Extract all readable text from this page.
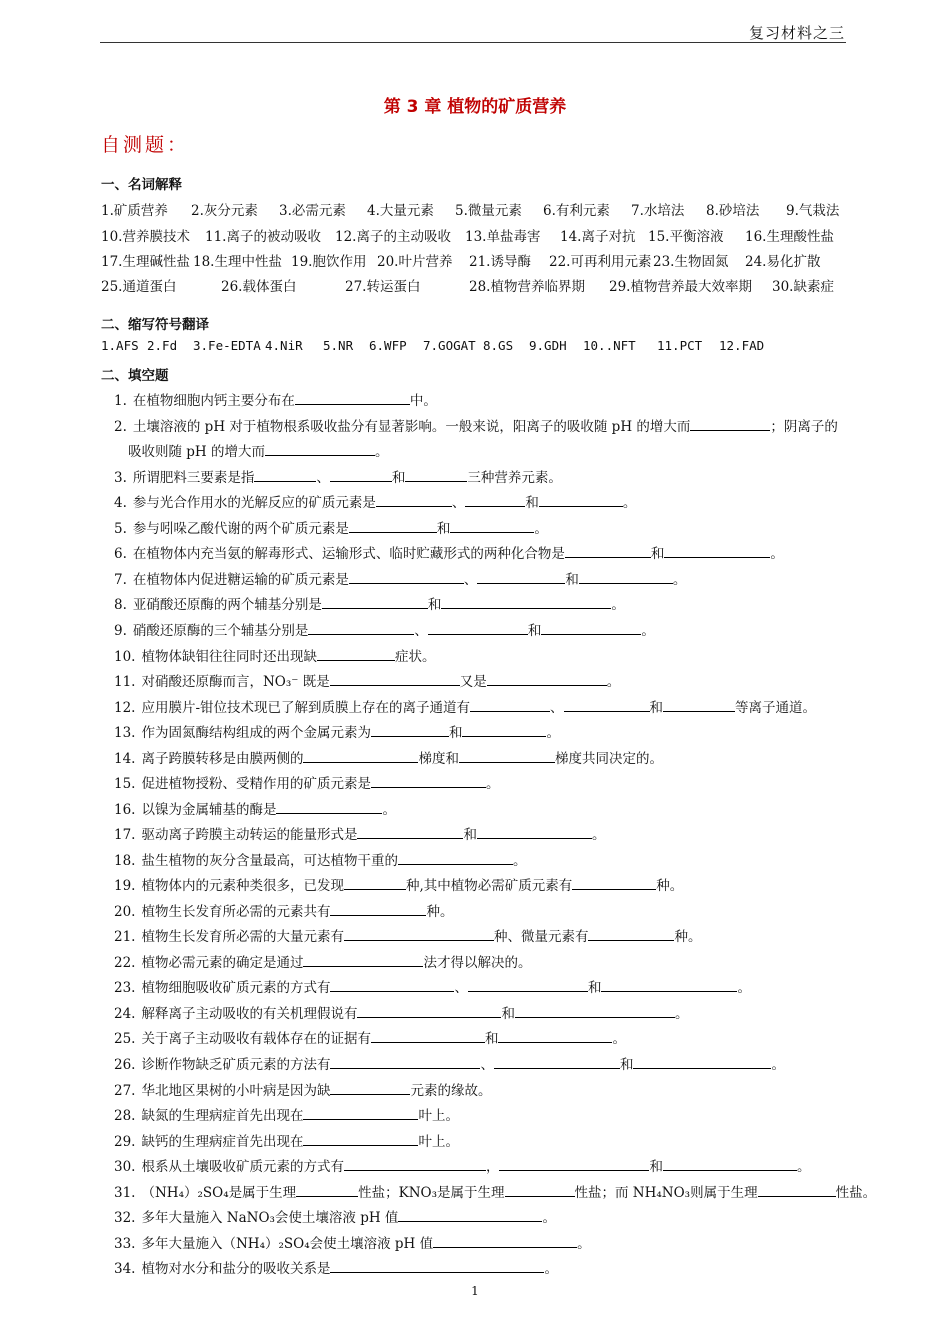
复习材料之三
第 3 章 植物的矿质营养
自测题：
一、名词解释
1.矿质营养 2.灰分元素 3.必需元素 4.大量元素 5.微量元素 6.有利元素 7.水培法 8.砂培法 9.气栽法
10.营养膜技术 11.离子的被动吸收 12.离子的主动吸收 13.单盐毒害 14.离子对抗 15.平衡溶液 16.生理酸性盐
17.生理碱性盐 18.生理中性盐 19.胞饮作用 20.叶片营养 21.诱导酶 22.可再利用元素 23.生物固氮 24.易化扩散
25.通道蛋白	26.载体蛋白	27.转运蛋白	28.植物营养临界期 29.植物营养最大效率期 30.缺素症
二、缩写符号翻译
1.AFS 2.Fd 3.Fe-EDTA 4.NiR 5.NR 6.WFP 7.GOGAT 8.GS 9.GDH 10..NFT 11.PCT 12.FAD
二、填空题
1. 在植物细胞内钙主要分布在	中。
2. 土壤溶液的 pH 对于植物根系吸收盐分有显著影响。一般来说，阳离子的吸收随 pH 的增大而	；阴离子的
吸收则随 pH 的增大而	。
3. 所谓肥料三要素是指	、	和	三种营养元素。
4. 参与光合作用水的光解反应的矿质元素是	、	和	。
5. 参与吲哚乙酸代谢的两个矿质元素是	和	。
6. 在植物体内充当氨的解毒形式、运输形式、临时贮藏形式的两种化合物是	和	。
7. 在植物体内促进糖运输的矿质元素是	、	和	。
8. 亚硝酸还原酶的两个辅基分别是	和	。
9. 硝酸还原酶的三个辅基分别是	、	和	。
10. 植物体缺钼往往同时还出现缺	症状。
11. 对硝酸还原酶而言，NO₃⁻ 既是	又是	。
12. 应用膜片-钳位技术现已了解到质膜上存在的离子通道有	、	和	等离子通道。
13. 作为固氮酶结构组成的两个金属元素为	和	。
14. 离子跨膜转移是由膜两侧的	梯度和	梯度共同决定的。
15. 促进植物授粉、受精作用的矿质元素是	。
16. 以镍为金属辅基的酶是	。
17. 驱动离子跨膜主动转运的能量形式是	和	。
18. 盐生植物的灰分含量最高，可达植物干重的	。
19. 植物体内的元素种类很多，已发现	种,其中植物必需矿质元素有	种。
20. 植物生长发育所必需的元素共有	种。
21. 植物生长发育所必需的大量元素有	种、微量元素有	种。
22. 植物必需元素的确定是通过	法才得以解决的。
23. 植物细胞吸收矿质元素的方式有	、	和	。
24. 解释离子主动吸收的有关机理假说有	和	。
25. 关于离子主动吸收有载体存在的证据有	和	。
26. 诊断作物缺乏矿质元素的方法有	、	和	。
27. 华北地区果树的小叶病是因为缺	元素的缘故。
28. 缺氮的生理病症首先出现在	叶上。
29. 缺钙的生理病症首先出现在	叶上。
30. 根系从土壤吸收矿质元素的方式有	，	和	。
31. （NH₄）₂SO₄是属于生理	性盐；KNO₃是属于生理	性盐；而 NH₄NO₃则属于生理	性盐。
32. 多年大量施入 NaNO₃会使土壤溶液 pH 值	。
33. 多年大量施入（NH₄）₂SO₄会使土壤溶液 pH 值	。
34. 植物对水分和盐分的吸收关系是	。
1
